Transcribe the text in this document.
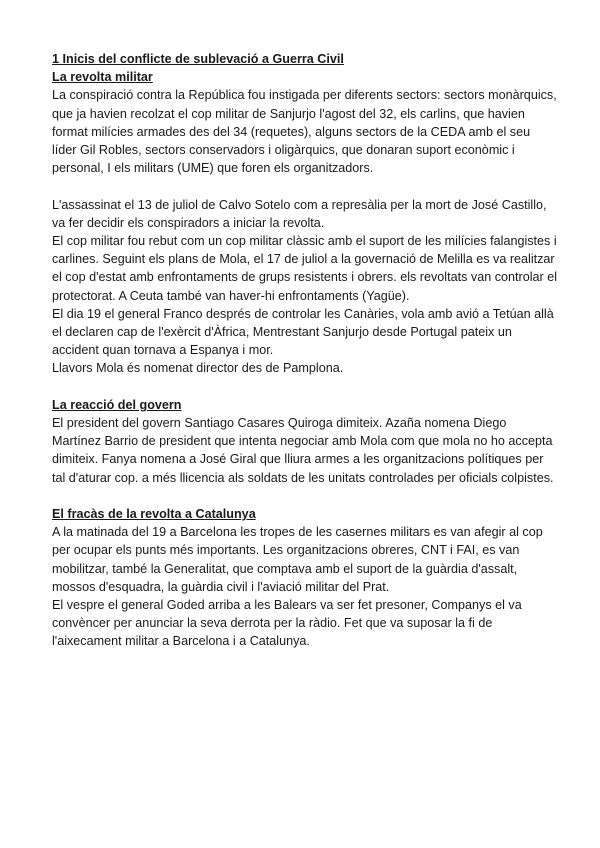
1 Inicis del conflicte de sublevació a Guerra Civil

La revolta militar

La conspiració contra la República fou instigada per diferents sectors: sectors monàrquics, que ja havien recolzat el cop militar de Sanjurjo l'agost del 32, els carlins, que havien format milícies armades des del 34 (requetes), alguns sectors de la CEDA amb el seu líder Gil Robles, sectors conservadors i oligàrquics, que donaran suport econòmic i personal, I els militars (UME) que foren els organitzadors.

L'assassinat el 13 de juliol de Calvo Sotelo com a represàlia per la mort de José Castillo, va fer decidir els conspiradors a iniciar la revolta.

El cop militar fou rebut com un cop militar clàssic amb el suport de les milícies falangistes i carlines. Seguint els plans de Mola, el 17 de juliol a la governació de Melilla es va realitzar el cop d'estat amb enfrontaments de grups resistents i obrers. els revoltats van controlar el protectorat. A Ceuta també van haver-hi enfrontaments (Yagüe).

El dia 19 el general Franco després de controlar les Canàries, vola amb avió a Tetúan allà el declaren cap de l'exèrcit d'Àfrica, Mentrestant Sanjurjo desde Portugal pateix un accident quan tornava a Espanya i mor.

Llavors Mola és nomenat director des de Pamplona.

La reacció del govern

El president del govern Santiago Casares Quiroga dimiteix. Azaña nomena Diego Martínez Barrio de president que intenta negociar amb Mola com que mola no ho accepta dimiteix. Fanya nomena a José Giral que lliura armes a les organitzacions polítiques per tal d'aturar cop. a més llicencia als soldats de les unitats controlades per oficials colpistes.

El fracàs de la revolta a Catalunya

A la matinada del 19 a Barcelona les tropes de les casernes militars es van afegir al cop per ocupar els punts més importants. Les organitzacions obreres, CNT i FAI, es van mobilitzar, també la Generalitat, que comptava amb el suport de la guàrdia d'assalt, mossos d'esquadra, la guàrdia civil i l'aviació militar del Prat.

El vespre el general Goded arriba a les Balears va ser fet presoner, Companys el va convèncer per anunciar la seva derrota per la ràdio. Fet que va suposar la fi de l'aixecament militar a Barcelona i a Catalunya.
